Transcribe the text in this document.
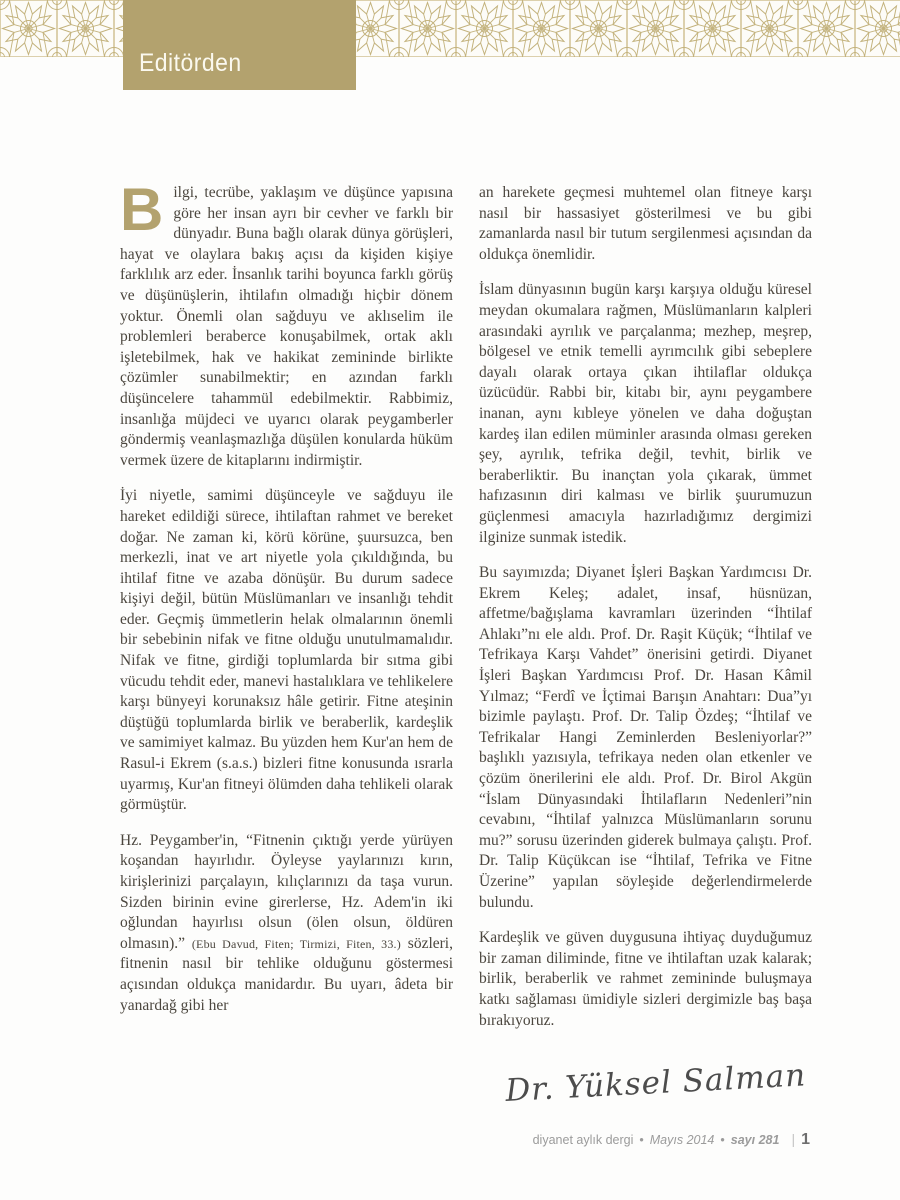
Editörden

Bilgi, tecrübe, yaklaşım ve düşünce yapısına göre her insan ayrı bir cevher ve farklı bir dünyadır. Buna bağlı olarak dünya görüşleri, hayat ve olaylara bakış açısı da kişiden kişiye farklılık arz eder. İnsanlık tarihi boyunca farklı görüş ve düşünüşlerin, ihtilafın olmadığı hiçbir dönem yoktur. Önemli olan sağduyu ve aklıselim ile problemleri beraberce konuşabilmek, ortak aklı işletebilmek, hak ve hakikat zemininde birlikte çözümler sunabilmektir; en azından farklı düşüncelere tahammül edebilmektir. Rabbimiz, insanlığa müjdeci ve uyarıcı olarak peygamberler göndermiş veanlaşmazlığa düşülen konularda hüküm vermek üzere de kitaplarını indirmiştir.

İyi niyetle, samimi düşünceyle ve sağduyu ile hareket edildiği sürece, ihtilaftan rahmet ve bereket doğar. Ne zaman ki, körü körüne, şuursuzca, ben merkezli, inat ve art niyetle yola çıkıldığında, bu ihtilaf fitne ve azaba dönüşür. Bu durum sadece kişiyi değil, bütün Müslümanları ve insanlığı tehdit eder. Geçmiş ümmetlerin helak olmalarının önemli bir sebebinin nifak ve fitne olduğu unutulmamalıdır. Nifak ve fitne, girdiği toplumlarda bir sıtma gibi vücudu tehdit eder, manevi hastalıklara ve tehlikelere karşı bünyeyi korunaksız hâle getirir. Fitne ateşinin düştüğü toplumlarda birlik ve beraberlik, kardeşlik ve samimiyet kalmaz. Bu yüzden hem Kur'an hem de Rasul-i Ekrem (s.a.s.) bizleri fitne konusunda ısrarla uyarmış, Kur'an fitneyi ölümden daha tehlikeli olarak görmüştür.

Hz. Peygamber'in, “Fitnenin çıktığı yerde yürüyen koşandan hayırlıdır. Öyleyse yaylarınızı kırın, kirişlerinizi parçalayın, kılıçlarınızı da taşa vurun. Sizden birinin evine girerlerse, Hz. Adem'in iki oğlundan hayırlısı olsun (ölen olsun, öldüren olmasın).” (Ebu Davud, Fiten; Tirmizi, Fiten, 33.) sözleri, fitnenin nasıl bir tehlike olduğunu göstermesi açısından oldukça manidardır. Bu uyarı, âdeta bir yanardağ gibi her

an harekete geçmesi muhtemel olan fitneye karşı nasıl bir hassasiyet gösterilmesi ve bu gibi zamanlarda nasıl bir tutum sergilenmesi açısından da oldukça önemlidir.

İslam dünyasının bugün karşı karşıya olduğu küresel meydan okumalara rağmen, Müslümanların kalpleri arasındaki ayrılık ve parçalanma; mezhep, meşrep, bölgesel ve etnik temelli ayrımcılık gibi sebeplere dayalı olarak ortaya çıkan ihtilaflar oldukça üzücüdür. Rabbi bir, kitabı bir, aynı peygambere inanan, aynı kıbleye yönelen ve daha doğuştan kardeş ilan edilen müminler arasında olması gereken şey, ayrılık, tefrika değil, tevhit, birlik ve beraberliktir. Bu inançtan yola çıkarak, ümmet hafızasının diri kalması ve birlik şuurumuzun güçlenmesi amacıyla hazırladığımız dergimizi ilginize sunmak istedik.

Bu sayımızda; Diyanet İşleri Başkan Yardımcısı Dr. Ekrem Keleş; adalet, insaf, hüsnüzan, affetme/bağışlama kavramları üzerinden “İhtilaf Ahlakı”nı ele aldı. Prof. Dr. Raşit Küçük; “İhtilaf ve Tefrikaya Karşı Vahdet” önerisini getirdi. Diyanet İşleri Başkan Yardımcısı Prof. Dr. Hasan Kâmil Yılmaz; “Ferdî ve İçtimai Barışın Anahtarı: Dua”yı bizimle paylaştı. Prof. Dr. Talip Özdeş; “İhtilaf ve Tefrikalar Hangi Zeminlerden Besleniyorlar?” başlıklı yazısıyla, tefrikaya neden olan etkenler ve çözüm önerilerini ele aldı. Prof. Dr. Birol Akgün “İslam Dünyasındaki İhtilafların Nedenleri”nin cevabını, “İhtilaf yalnızca Müslümanların sorunu mu?” sorusu üzerinden giderek bulmaya çalıştı. Prof. Dr. Talip Küçükcan ise “İhtilaf, Tefrika ve Fitne Üzerine” yapılan söyleşide değerlendirmelerde bulundu.

Kardeşlik ve güven duygusuna ihtiyaç duyduğumuz bir zaman diliminde, fitne ve ihtilaftan uzak kalarak; birlik, beraberlik ve rahmet zemininde buluşmaya katkı sağlaması ümidiyle sizleri dergimizle baş başa bırakıyoruz.

Dr. Yüksel Salman
diyanet aylık dergi • Mayıs 2014 • sayı 281 | 1
